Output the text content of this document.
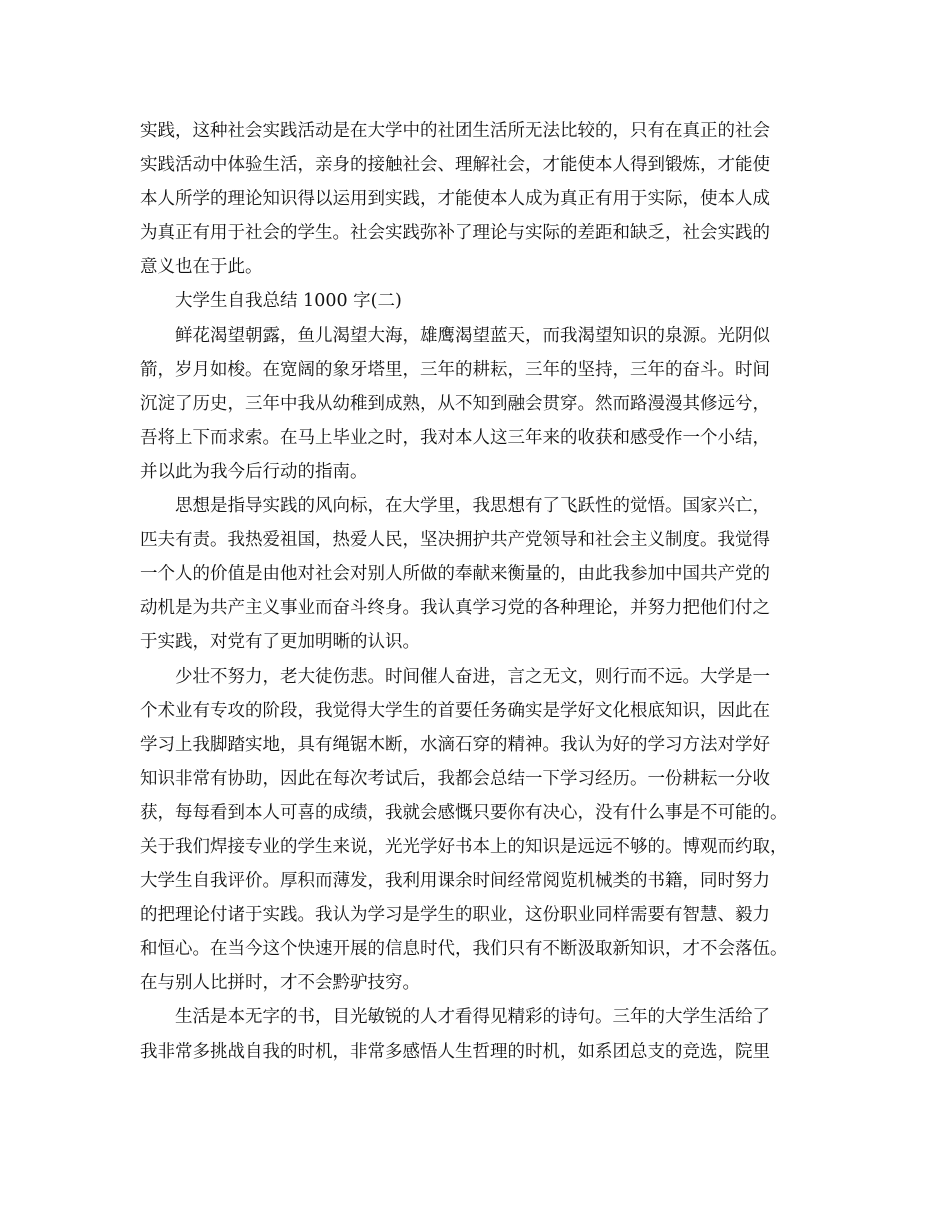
实践，这种社会实践活动是在大学中的社团生活所无法比较的，只有在真正的社会
实践活动中体验生活，亲身的接触社会、理解社会，才能使本人得到锻炼，才能使
本人所学的理论知识得以运用到实践，才能使本人成为真正有用于实际，使本人成
为真正有用于社会的学生。社会实践弥补了理论与实际的差距和缺乏，社会实践的
意义也在于此。
大学生自我总结 1000 字(二)
鲜花渴望朝露，鱼儿渴望大海，雄鹰渴望蓝天，而我渴望知识的泉源。光阴似
箭，岁月如梭。在宽阔的象牙塔里，三年的耕耘，三年的坚持，三年的奋斗。时间
沉淀了历史，三年中我从幼稚到成熟，从不知到融会贯穿。然而路漫漫其修远兮，
吾将上下而求索。在马上毕业之时，我对本人这三年来的收获和感受作一个小结，
并以此为我今后行动的指南。
思想是指导实践的风向标，在大学里，我思想有了飞跃性的觉悟。国家兴亡，
匹夫有责。我热爱祖国，热爱人民，坚决拥护共产党领导和社会主义制度。我觉得
一个人的价值是由他对社会对别人所做的奉献来衡量的，由此我参加中国共产党的
动机是为共产主义事业而奋斗终身。我认真学习党的各种理论，并努力把他们付之
于实践，对党有了更加明晰的认识。
少壮不努力，老大徒伤悲。时间催人奋进，言之无文，则行而不远。大学是一
个术业有专攻的阶段，我觉得大学生的首要任务确实是学好文化根底知识，因此在
学习上我脚踏实地，具有绳锯木断，水滴石穿的精神。我认为好的学习方法对学好
知识非常有协助，因此在每次考试后，我都会总结一下学习经历。一份耕耘一分收
获，每每看到本人可喜的成绩，我就会感慨只要你有决心，没有什么事是不可能的。
关于我们焊接专业的学生来说，光光学好书本上的知识是远远不够的。博观而约取，
大学生自我评价。厚积而薄发，我利用课余时间经常阅览机械类的书籍，同时努力
的把理论付诸于实践。我认为学习是学生的职业，这份职业同样需要有智慧、毅力
和恒心。在当今这个快速开展的信息时代，我们只有不断汲取新知识，才不会落伍。
在与别人比拼时，才不会黔驴技穷。
生活是本无字的书，目光敏锐的人才看得见精彩的诗句。三年的大学生活给了
我非常多挑战自我的时机，非常多感悟人生哲理的时机，如系团总支的竞选，院里
